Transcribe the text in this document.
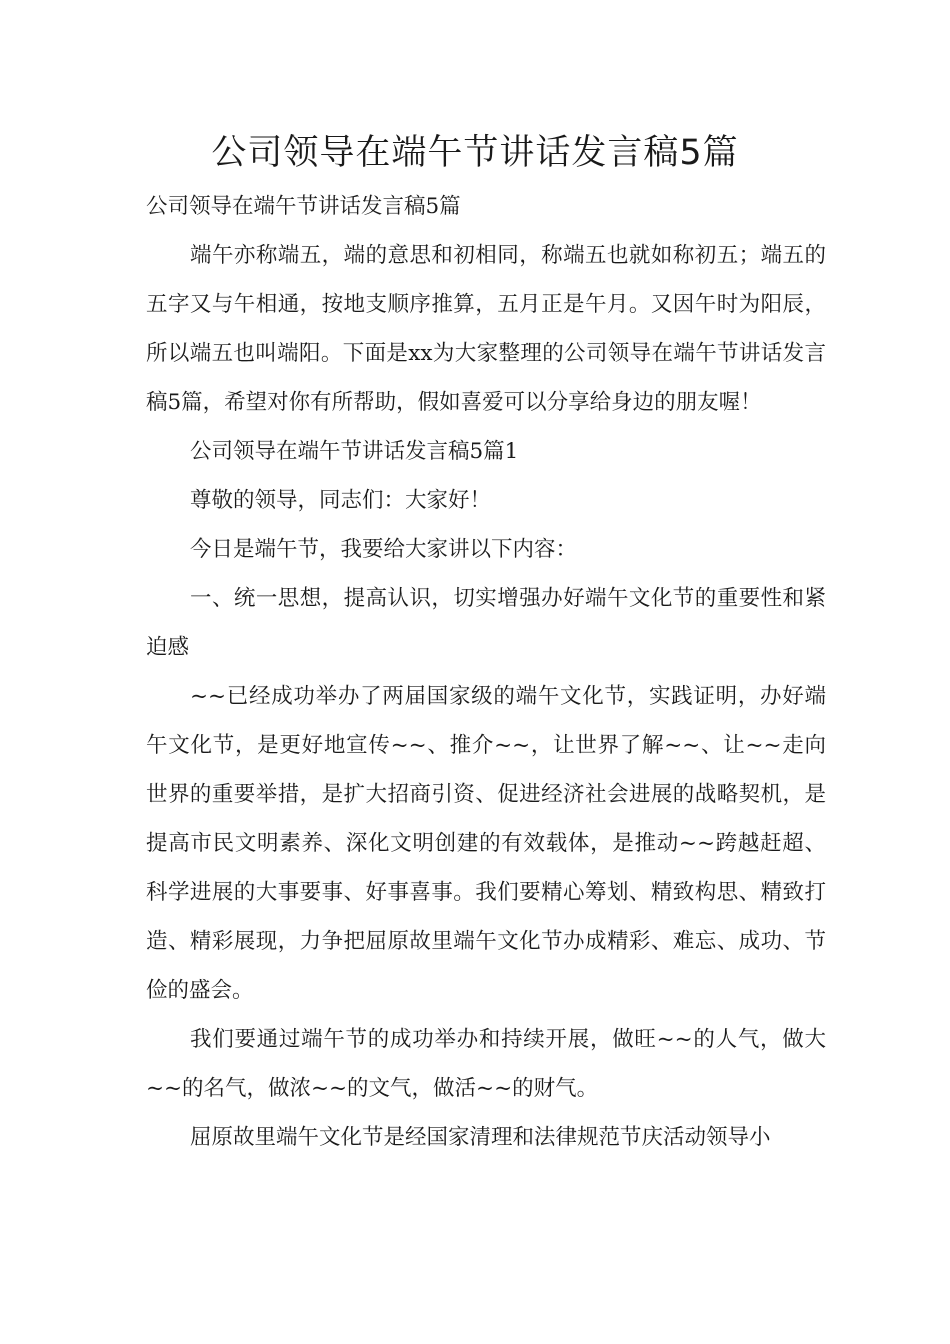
公司领导在端午节讲话发言稿5篇

公司领导在端午节讲话发言稿5篇

端午亦称端五，端的意思和初相同，称端五也就如称初五；端五的五字又与午相通，按地支顺序推算，五月正是午月。又因午时为阳辰，所以端五也叫端阳。下面是xx为大家整理的公司领导在端午节讲话发言稿5篇，希望对你有所帮助，假如喜爱可以分享给身边的朋友喔！

公司领导在端午节讲话发言稿5篇1

尊敬的领导，同志们：大家好！

今日是端午节，我要给大家讲以下内容：

一、统一思想，提高认识，切实增强办好端午文化节的重要性和紧迫感

~~已经成功举办了两届国家级的端午文化节，实践证明，办好端午文化节，是更好地宣传~~、推介~~，让世界了解~~、让~~走向世界的重要举措，是扩大招商引资、促进经济社会进展的战略契机，是提高市民文明素养、深化文明创建的有效载体，是推动~~跨越赶超、科学进展的大事要事、好事喜事。我们要精心筹划、精致构思、精致打造、精彩展现，力争把屈原故里端午文化节办成精彩、难忘、成功、节俭的盛会。

我们要通过端午节的成功举办和持续开展，做旺~~的人气，做大~~的名气，做浓~~的文气，做活~~的财气。

屈原故里端午文化节是经国家清理和法律规范节庆活动领导小
